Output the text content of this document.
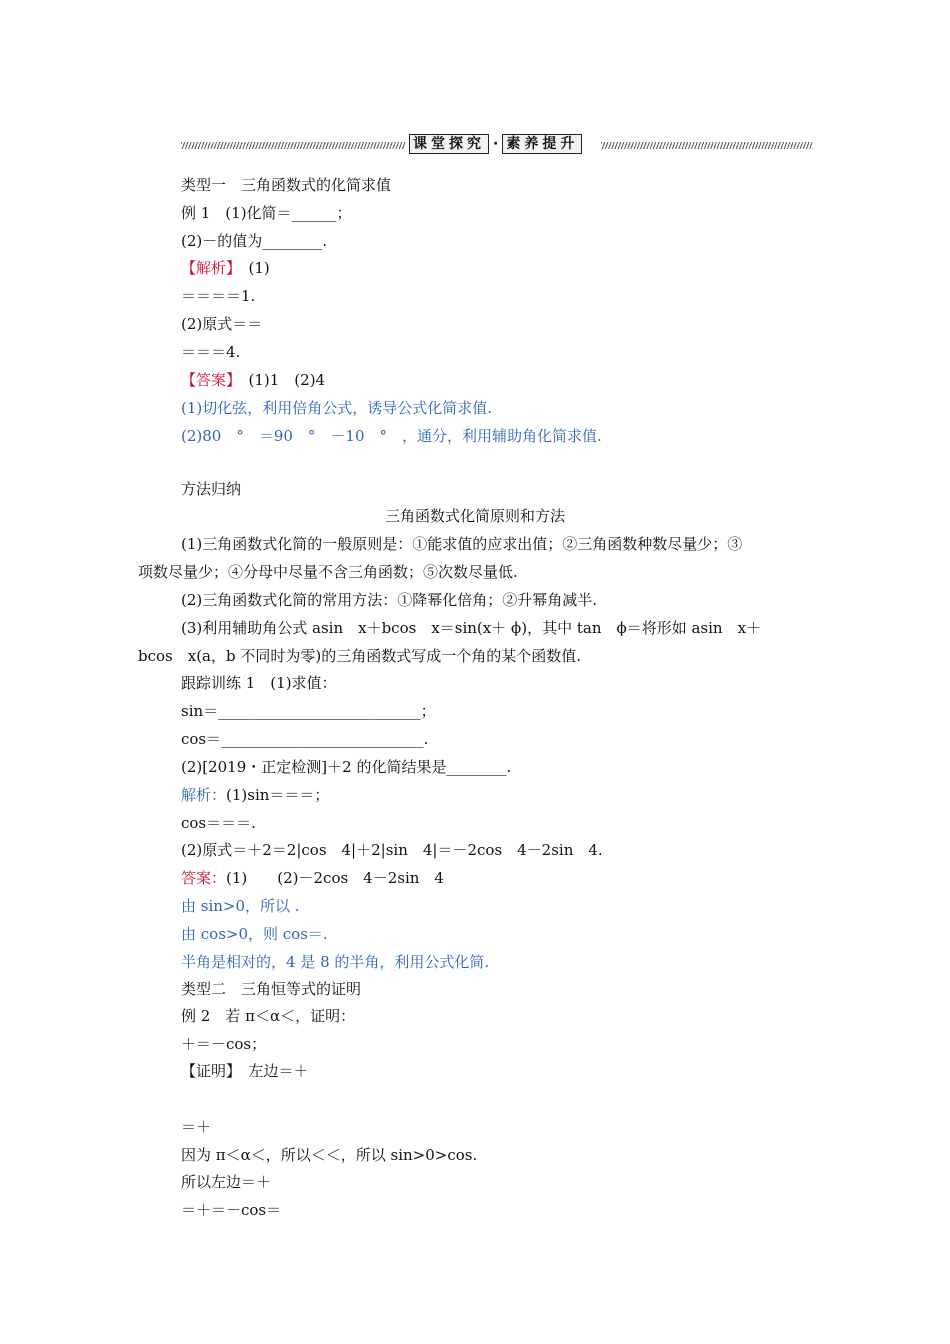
课堂探究 · 素养提升
类型一　三角函数式的化简求值
例 1　(1)化简＝______；
(2)－的值为________.
【解析】　 (1)
＝＝＝＝1.
(2)原式＝＝
＝＝＝4.
【答案】　(1)1　(2)4
(1)切化弦，利用倍角公式，诱导公式化简求值.
(2)80　°　＝90　°　－10　°　，通分，利用辅助角化简求值.
方法归纳
三角函数式化简原则和方法
(1)三角函数式化简的一般原则是：①能求值的应求出值；②三角函数种数尽量少；③
项数尽量少；④分母中尽量不含三角函数；⑤次数尽量低.
(2)三角函数式化简的常用方法：①降幂化倍角；②升幂角减半.
(3)利用辅助角公式 asin　x＋bcos　x＝sin(x＋ ϕ)，其中 tan　ϕ＝将形如 asin　x＋
bcos　x(a，b 不同时为零)的三角函数式写成一个角的某个函数值.
跟踪训练 1　(1)求值：
sin＝___________________________；
cos＝___________________________.
(2)[2019・正定检测]＋2 的化简结果是________.
解析：(1)sin＝＝＝；
cos＝＝＝.
(2)原式＝＋2＝2|cos　4|＋2|sin　4|＝－2cos　4－2sin　4.
答案：(1)　　(2)－2cos　4－2sin　4
由 sin>0，所以 .
由 cos>0，则 cos＝.
半角是相对的，4 是 8 的半角，利用公式化简.
类型二　三角恒等式的证明
例 2　若 π＜α＜，证明：
＋＝－cos；
【证明】　左边＝＋
＝＋
因为 π＜α＜，所以＜＜，所以 sin>0>cos.
所以左边＝＋
＝＋＝－cos＝
